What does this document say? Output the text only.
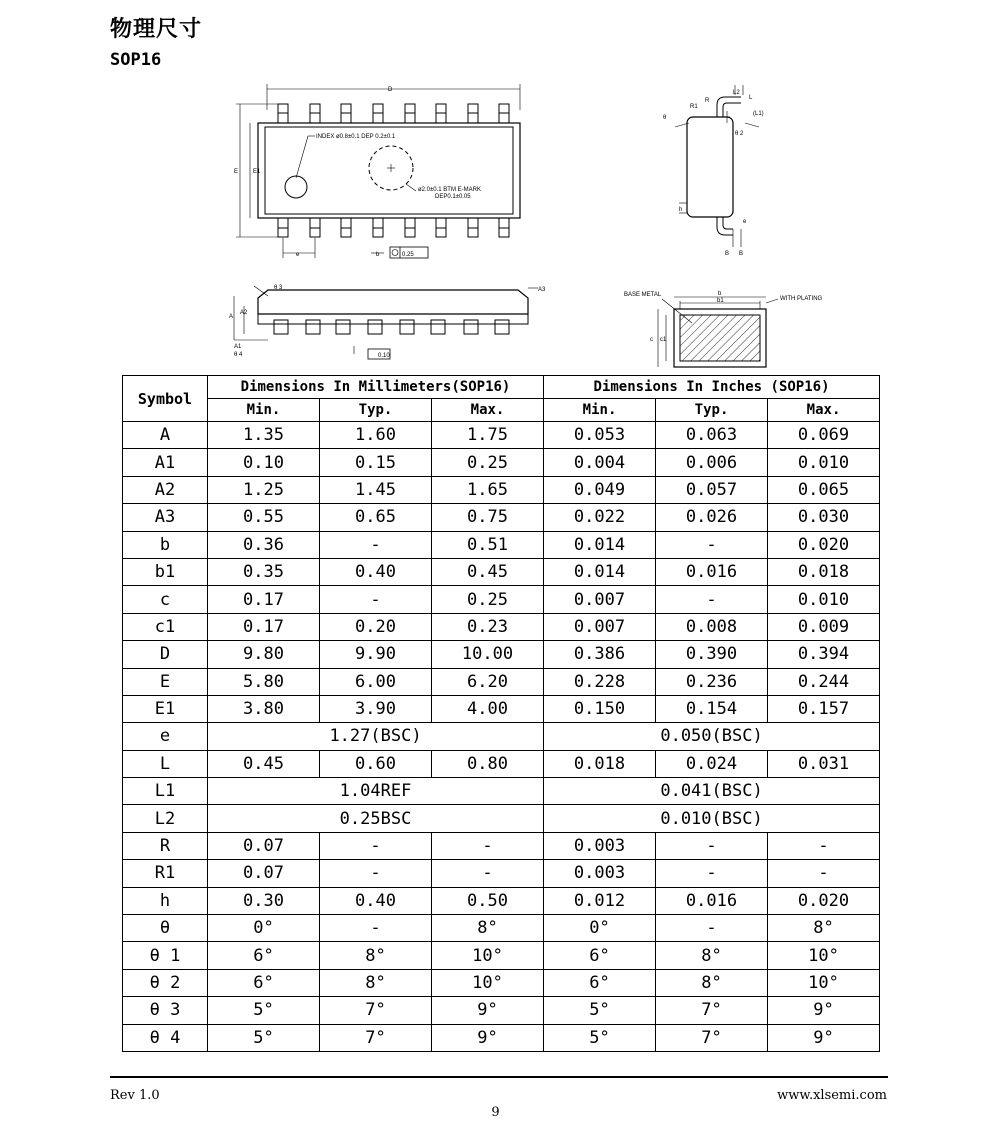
物理尺寸
SOP16
D
E E1
INDEX ø0.8±0.1 DEP 0.2±0.1
ø2.0±0.1 BTM E-MARK
DEP0.1±0.05
e	b	0.25
L2
R
R1
L
(L1)
θ
θ 2
h
e
B B
θ 3	A3
A
A2
A1
θ 4	0.10
BASE METAL	b
b1	WITH PLATING
c c1
Symbol	Dimensions In Millimeters(SOP16)			Dimensions In Inches (SOP16)		
	Min.	Typ.	Max.	Min.	Typ.	Max.
A	1.35	1.60	1.75	0.053	0.063	0.069
A1	0.10	0.15	0.25	0.004	0.006	0.010
A2	1.25	1.45	1.65	0.049	0.057	0.065
A3	0.55	0.65	0.75	0.022	0.026	0.030
b	0.36	-	0.51	0.014	-	0.020
b1	0.35	0.40	0.45	0.014	0.016	0.018
c	0.17	-	0.25	0.007	-	0.010
c1	0.17	0.20	0.23	0.007	0.008	0.009
D	9.80	9.90	10.00	0.386	0.390	0.394
E	5.80	6.00	6.20	0.228	0.236	0.244
E1	3.80	3.90	4.00	0.150	0.154	0.157
e	1.27(BSC)			0.050(BSC)		
L	0.45	0.60	0.80	0.018	0.024	0.031
L1	1.04REF			0.041(BSC)		
L2	0.25BSC			0.010(BSC)		
R	0.07	-	-	0.003	-	-
R1	0.07	-	-	0.003	-	-
h	0.30	0.40	0.50	0.012	0.016	0.020
θ	0°	-	8°	0°	-	8°
θ 1	6°	8°	10°	6°	8°	10°
θ 2	6°	8°	10°	6°	8°	10°
θ 3	5°	7°	9°	5°	7°	9°
θ 4	5°	7°	9°	5°	7°	9°
Rev 1.0
9
www.xlsemi.com
